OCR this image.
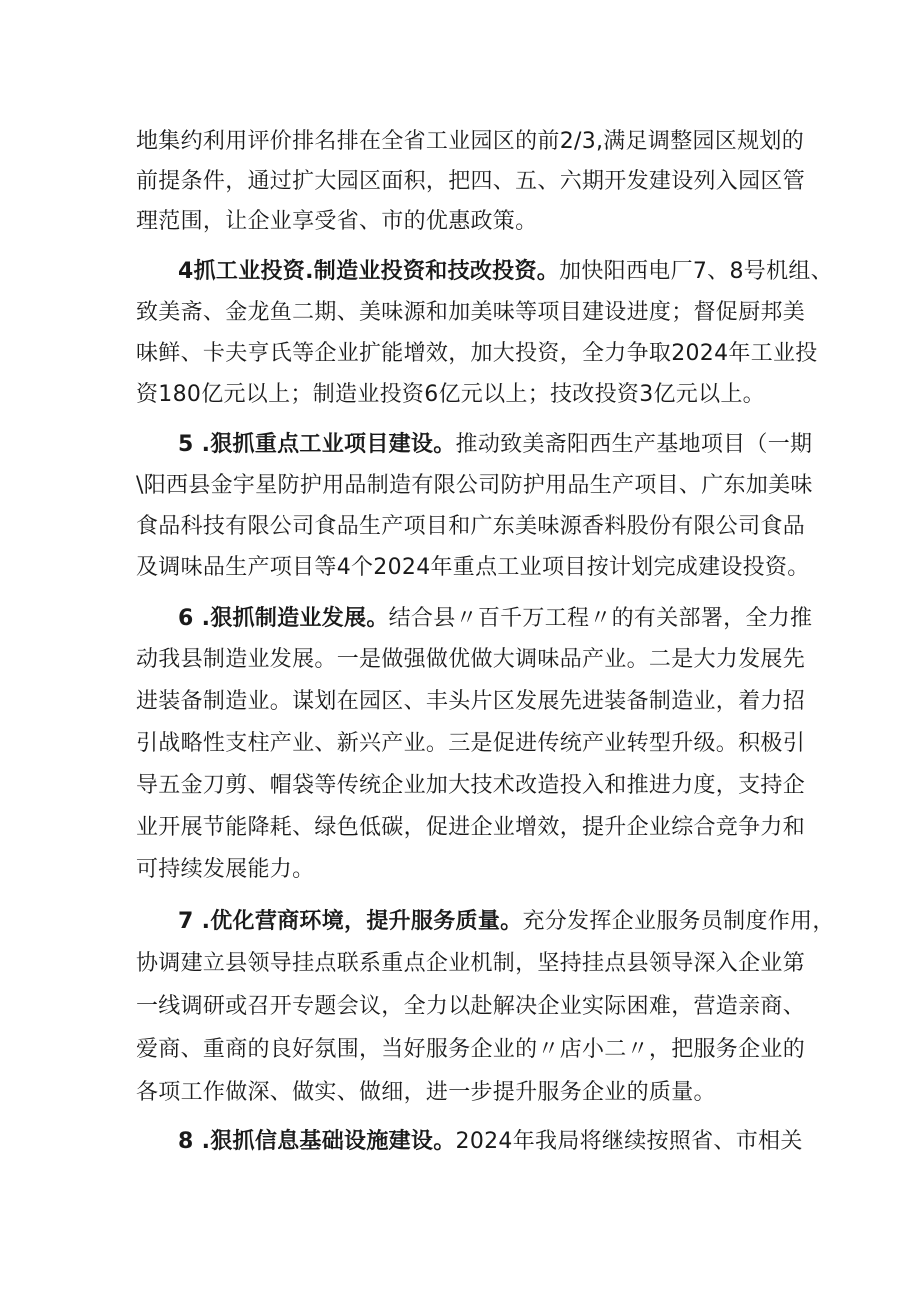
地集约利用评价排名排在全省工业园区的前2/3,满足调整园区规划的
前提条件，通过扩大园区面积，把四、五、六期开发建设列入园区管
理范围，让企业享受省、市的优惠政策。
4抓工业投资.制造业投资和技改投资。加快阳西电厂7、8号机组、
致美斋、金龙鱼二期、美味源和加美味等项目建设进度；督促厨邦美
味鲜、卡夫亨氏等企业扩能增效，加大投资，全力争取2024年工业投
资180亿元以上；制造业投资6亿元以上；技改投资3亿元以上。
5 .狠抓重点工业项目建设。推动致美斋阳西生产基地项目（一期
\阳西县金宇星防护用品制造有限公司防护用品生产项目、广东加美味
食品科技有限公司食品生产项目和广东美味源香料股份有限公司食品
及调味品生产项目等4个2024年重点工业项目按计划完成建设投资。
6 .狠抓制造业发展。结合县〃百千万工程〃的有关部署，全力推
动我县制造业发展。一是做强做优做大调味品产业。二是大力发展先
进装备制造业。谋划在园区、丰头片区发展先进装备制造业，着力招
引战略性支柱产业、新兴产业。三是促进传统产业转型升级。积极引
导五金刀剪、帽袋等传统企业加大技术改造投入和推进力度，支持企
业开展节能降耗、绿色低碳，促进企业增效，提升企业综合竞争力和
可持续发展能力。
7 .优化营商环境，提升服务质量。充分发挥企业服务员制度作用，
协调建立县领导挂点联系重点企业机制，坚持挂点县领导深入企业第
一线调研或召开专题会议，全力以赴解决企业实际困难，营造亲商、
爱商、重商的良好氛围，当好服务企业的〃店小二〃，把服务企业的
各项工作做深、做实、做细，进一步提升服务企业的质量。
8 .狠抓信息基础设施建设。2024年我局将继续按照省、市相关
